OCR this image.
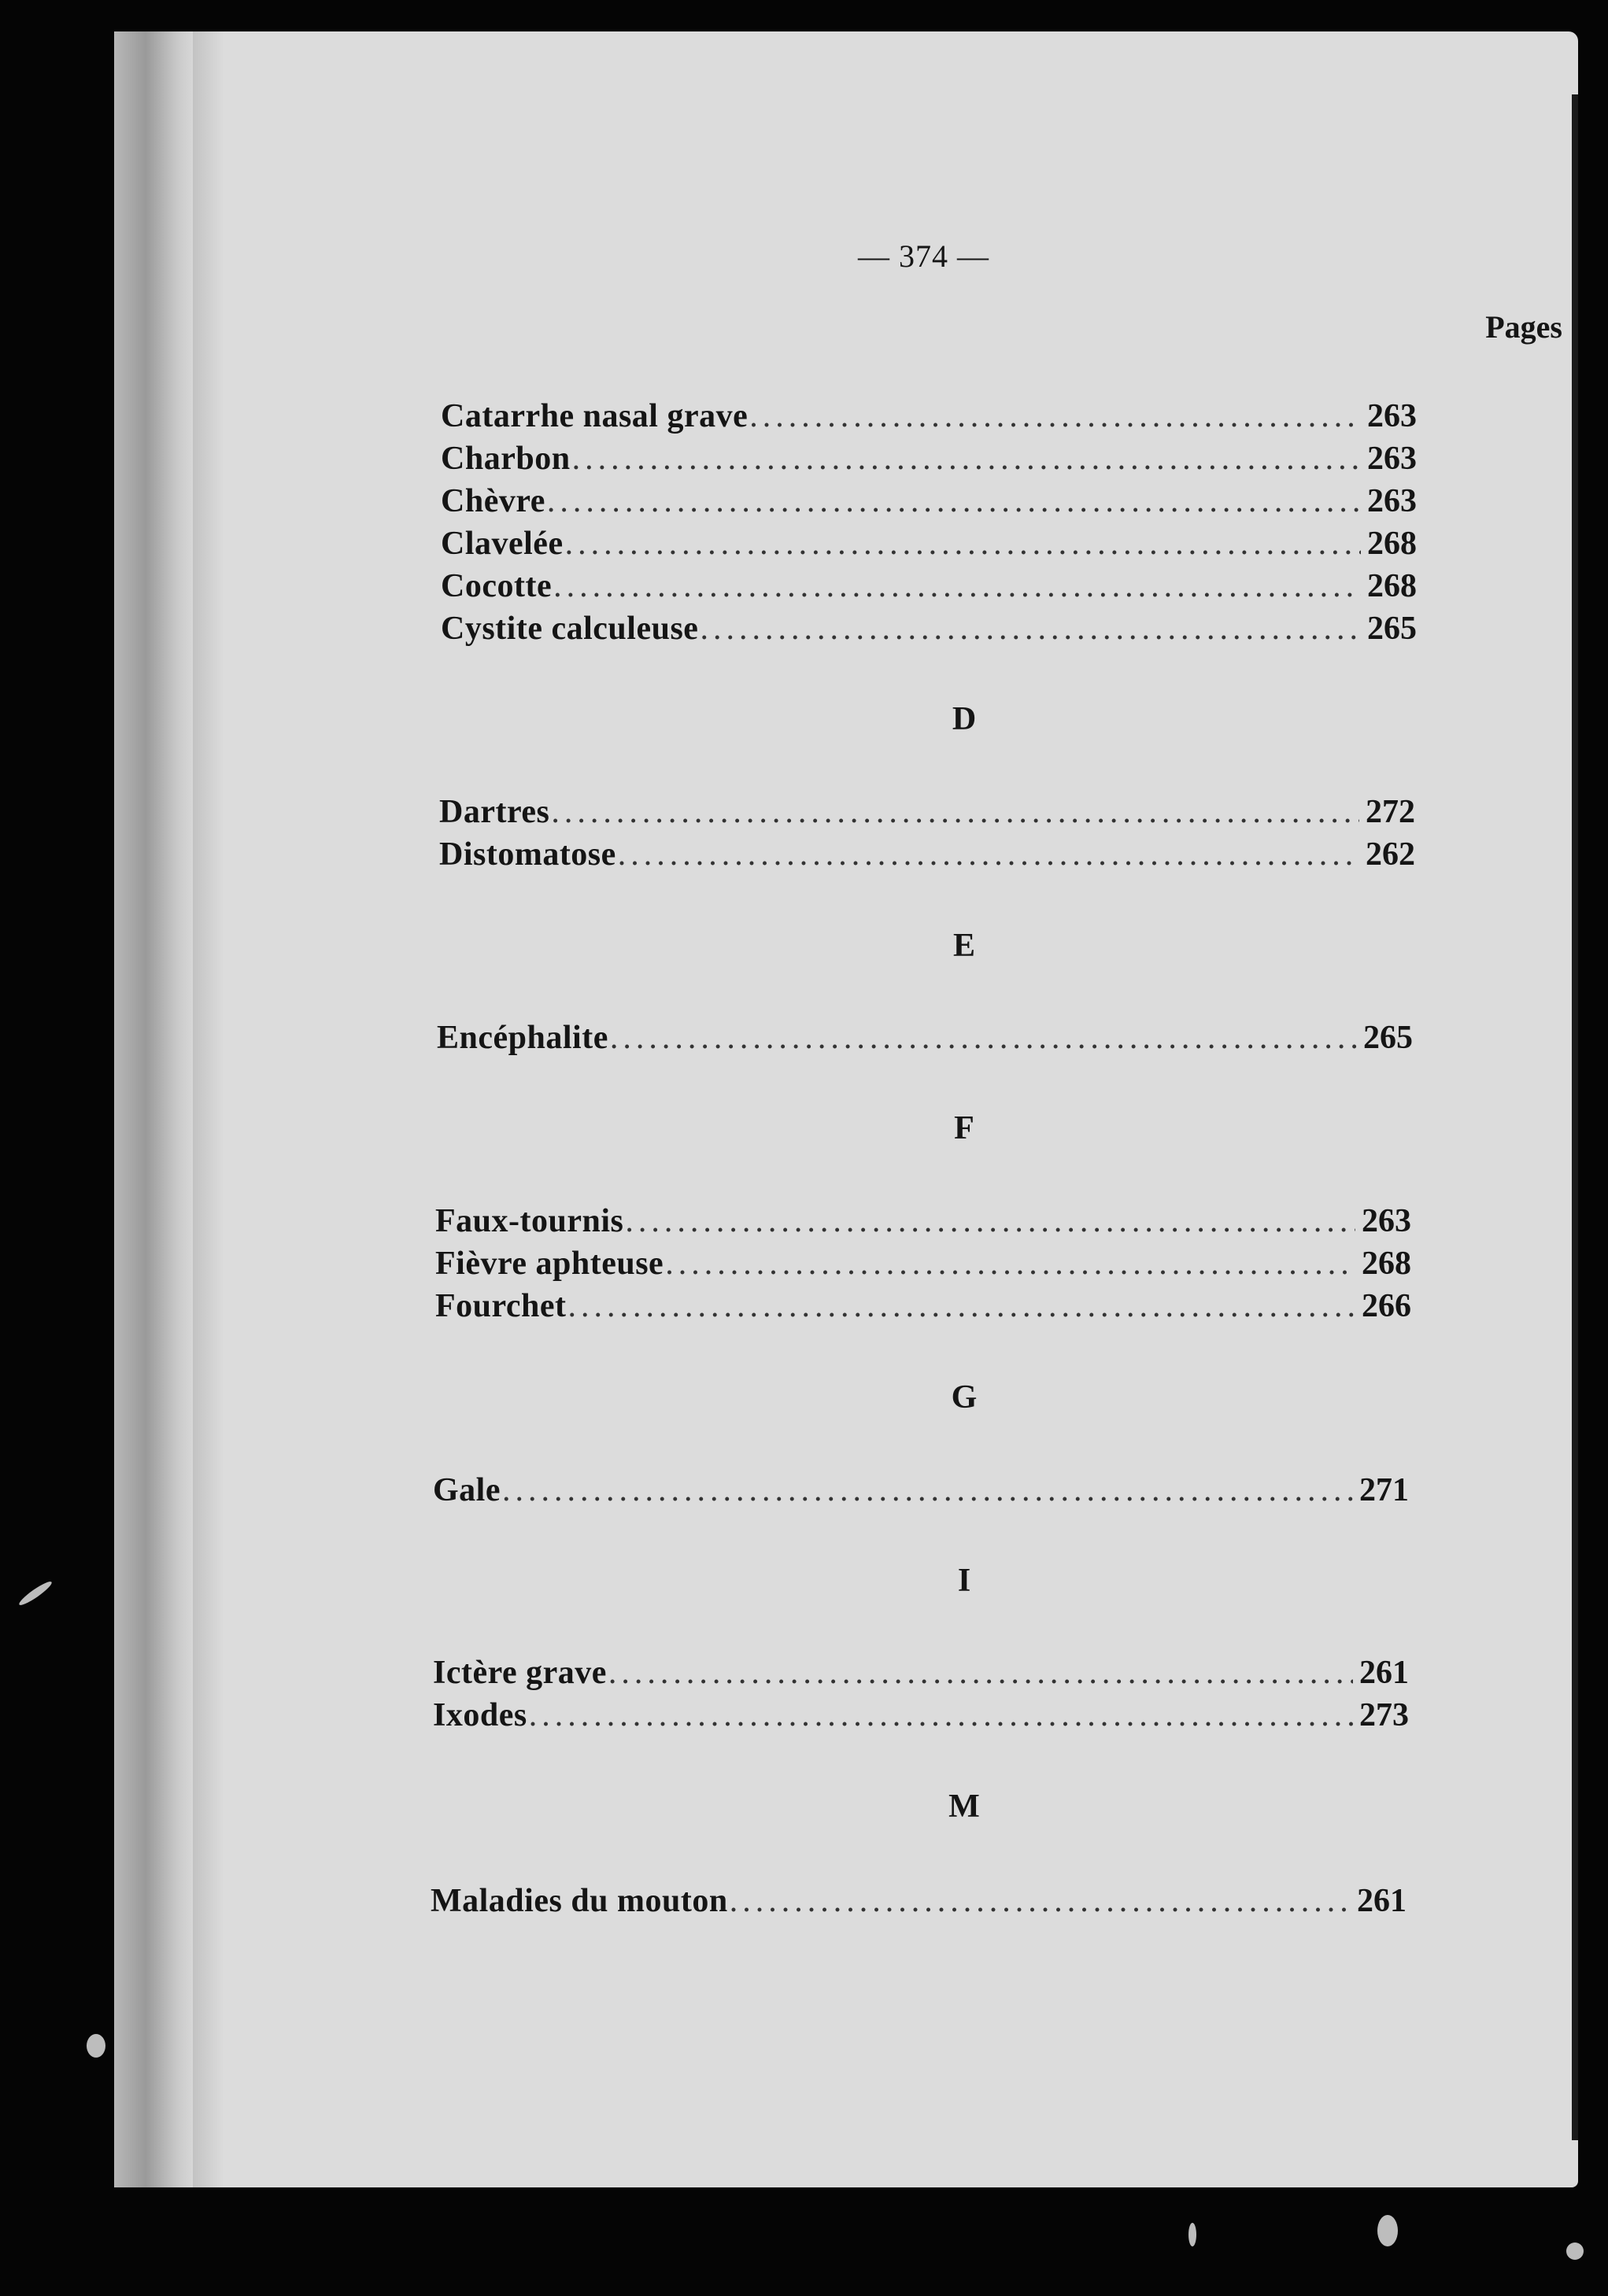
— 374 —
Pages
Catarrhe nasal grave .....	263
Charbon .....	263
Chèvre .....	263
Clavelée .....	268
Cocotte .....	268
Cystite calculeuse .....	265
D
Dartres .....	272
Distomatose .....	262
E
Encéphalite .....	265
F
Faux-tournis .....	263
Fièvre aphteuse .....	268
Fourchet .....	266
G
Gale .....	271
I
Ictère grave .....	261
Ixodes .....	273
M
Maladies du mouton .....	261
